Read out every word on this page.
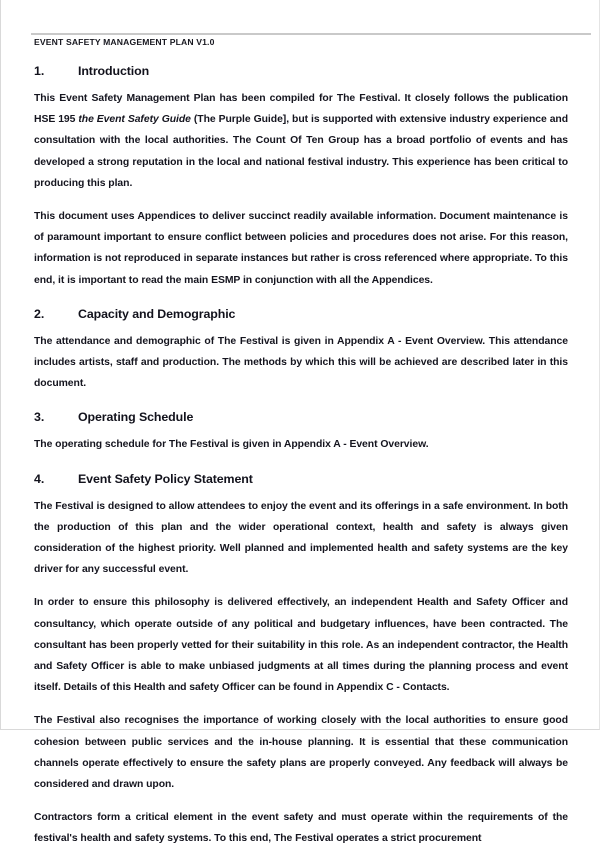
EVENT SAFETY MANAGEMENT PLAN V1.0
1.	Introduction

This Event Safety Management Plan has been compiled for The Festival. It closely follows the publication HSE 195 the Event Safety Guide (The Purple Guide], but is supported with extensive industry experience and consultation with the local authorities. The Count Of Ten Group has a broad portfolio of events and has developed a strong reputation in the local and national festival industry. This experience has been critical to producing this plan.

This document uses Appendices to deliver succinct readily available information. Document maintenance is of paramount important to ensure conflict between policies and procedures does not arise. For this reason, information is not reproduced in separate instances but rather is cross referenced where appropriate. To this end, it is important to read the main ESMP in conjunction with all the Appendices.

2.	Capacity and Demographic

The attendance and demographic of The Festival is given in Appendix A - Event Overview. This attendance includes artists, staff and production. The methods by which this will be achieved are described later in this document.

3.	Operating Schedule

The operating schedule for The Festival is given in Appendix A - Event Overview.

4.	Event Safety Policy Statement

The Festival is designed to allow attendees to enjoy the event and its offerings in a safe environment. In both the production of this plan and the wider operational context, health and safety is always given consideration of the highest priority. Well planned and implemented health and safety systems are the key driver for any successful event.

In order to ensure this philosophy is delivered effectively, an independent Health and Safety Officer and consultancy, which operate outside of any political and budgetary influences, have been contracted. The consultant has been properly vetted for their suitability in this role. As an independent contractor, the Health and Safety Officer is able to make unbiased judgments at all times during the planning process and event itself. Details of this Health and safety Officer can be found in Appendix C - Contacts.

The Festival also recognises the importance of working closely with the local authorities to ensure good cohesion between public services and the in-house planning. It is essential that these communication channels operate effectively to ensure the safety plans are properly conveyed. Any feedback will always be considered and drawn upon.

Contractors form a critical element in the event safety and must operate within the requirements of the festival's health and safety systems. To this end, The Festival operates a strict procurement
